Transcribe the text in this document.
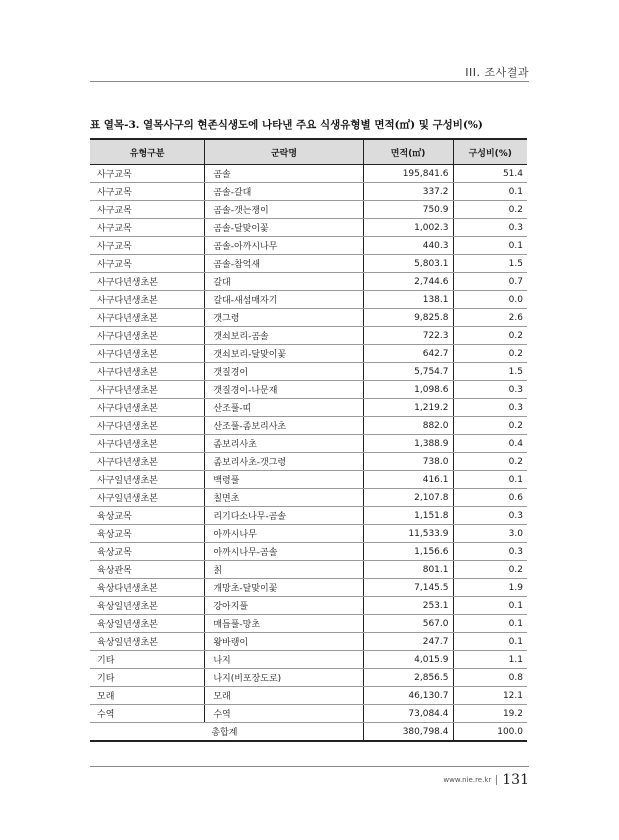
III. 조사결과
표 열목-3. 열목사구의 현존식생도에 나타낸 주요 식생유형별 면적(㎡) 및 구성비(%)
유형구분	군락명	면적(㎡)	구성비(%)
사구교목	곰솔	195,841.6	51.4
사구교목	곰솔-갈대	337.2	0.1
사구교목	곰솔-갯는쟁이	750.9	0.2
사구교목	곰솔-달맞이꽃	1,002.3	0.3
사구교목	곰솔-아까시나무	440.3	0.1
사구교목	곰솔-참억새	5,803.1	1.5
사구다년생초본	갈대	2,744.6	0.7
사구다년생초본	갈대-새섬매자기	138.1	0.0
사구다년생초본	갯그령	9,825.8	2.6
사구다년생초본	갯쇠보리-곰솔	722.3	0.2
사구다년생초본	갯쇠보리-달맞이꽃	642.7	0.2
사구다년생초본	갯질경이	5,754.7	1.5
사구다년생초본	갯질경이-나문재	1,098.6	0.3
사구다년생초본	산조풀-띠	1,219.2	0.3
사구다년생초본	산조풀-좀보리사초	882.0	0.2
사구다년생초본	좀보리사초	1,388.9	0.4
사구다년생초본	좀보리사초-갯그령	738.0	0.2
사구일년생초본	백령풀	416.1	0.1
사구일년생초본	칠면초	2,107.8	0.6
육상교목	리기다소나무-곰솔	1,151.8	0.3
육상교목	아까시나무	11,533.9	3.0
육상교목	아까시나무-곰솔	1,156.6	0.3
육상관목	칡	801.1	0.2
육상다년생초본	개망초-달맞이꽃	7,145.5	1.9
육상일년생초본	강아지풀	253.1	0.1
육상일년생초본	매듭풀-망초	567.0	0.1
육상일년생초본	왕바랭이	247.7	0.1
기타	나지	4,015.9	1.1
기타	나지(비포장도로)	2,856.5	0.8
모래	모래	46,130.7	12.1
수역	수역	73,084.4	19.2
총합계		380,798.4	100.0
www.nie.re.kr 131
